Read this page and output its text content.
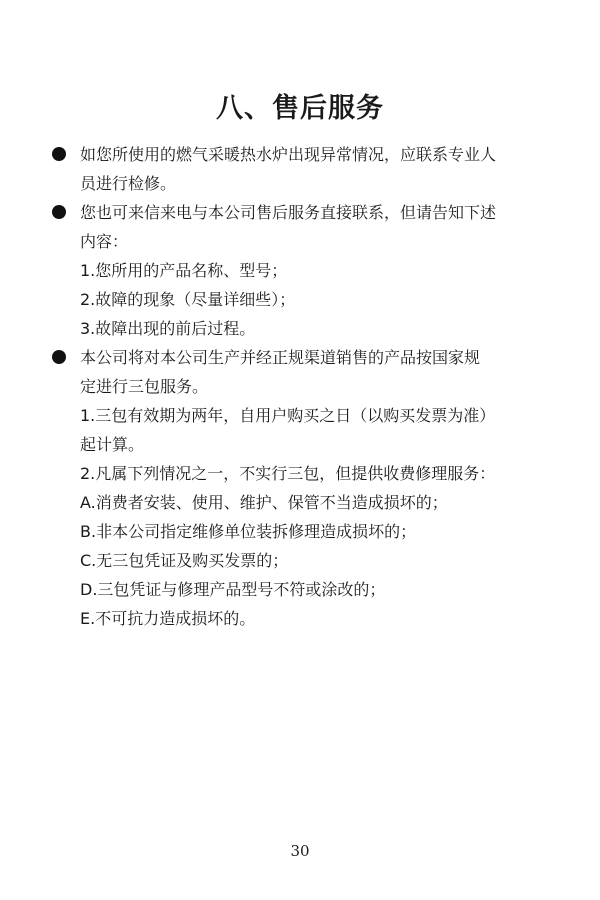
八、售后服务

如您所使用的燃气采暖热水炉出现异常情况，应联系专业人

员进行检修。

您也可来信来电与本公司售后服务直接联系，但请告知下述

内容：

1.您所用的产品名称、型号；

2.故障的现象（尽量详细些）；

3.故障出现的前后过程。

本公司将对本公司生产并经正规渠道销售的产品按国家规

定进行三包服务。

1.三包有效期为两年，自用户购买之日（以购买发票为准）

起计算。

2.凡属下列情况之一，不实行三包，但提供收费修理服务：

A.消费者安装、使用、维护、保管不当造成损坏的；

B.非本公司指定维修单位装拆修理造成损坏的；

C.无三包凭证及购买发票的；

D.三包凭证与修理产品型号不符或涂改的；

E.不可抗力造成损坏的。

30
